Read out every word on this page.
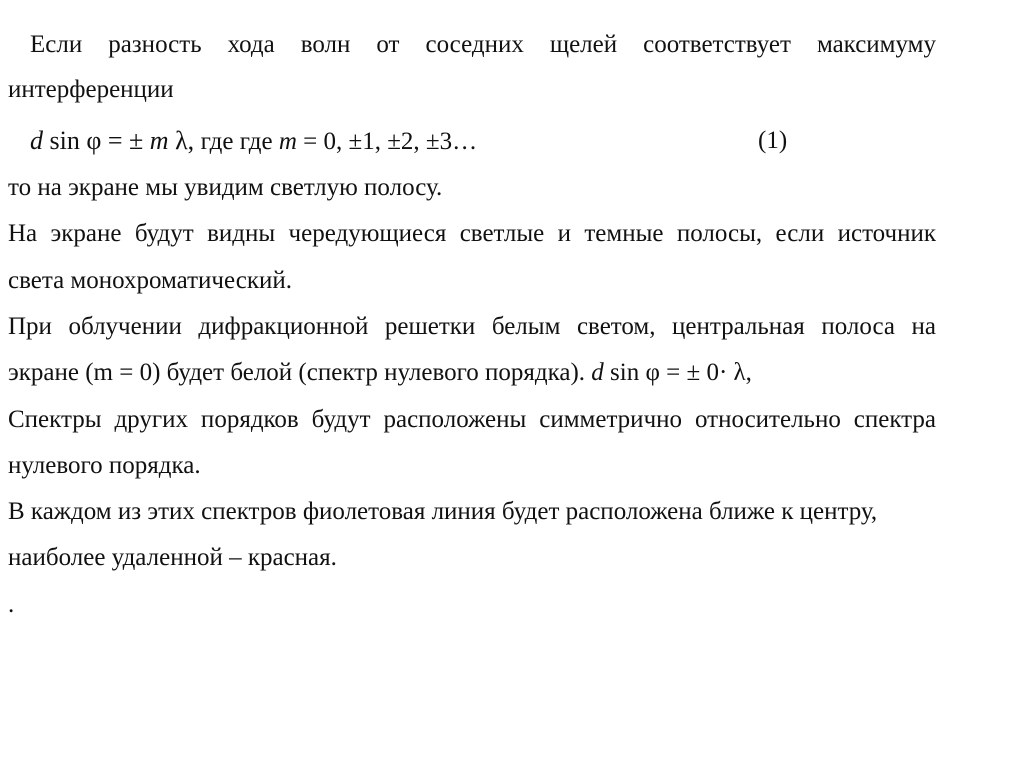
Если разность хода волн от соседних щелей соответствует максимуму
интерференции
d sin φ = ± m λ, где где m = 0, ±1, ±2, ±3…	(1)
то на экране мы увидим светлую полосу.
На экране будут видны чередующиеся светлые и темные полосы, если источник
света монохроматический.
При облучении дифракционной решетки белым светом, центральная полоса на
экране (m = 0) будет белой (спектр нулевого порядка). d sin φ = ± 0· λ,
Спектры других порядков будут расположены симметрично относительно спектра
нулевого порядка.
В каждом из этих спектров фиолетовая линия будет расположена ближе к центру,
наиболее удаленной – красная.
.
